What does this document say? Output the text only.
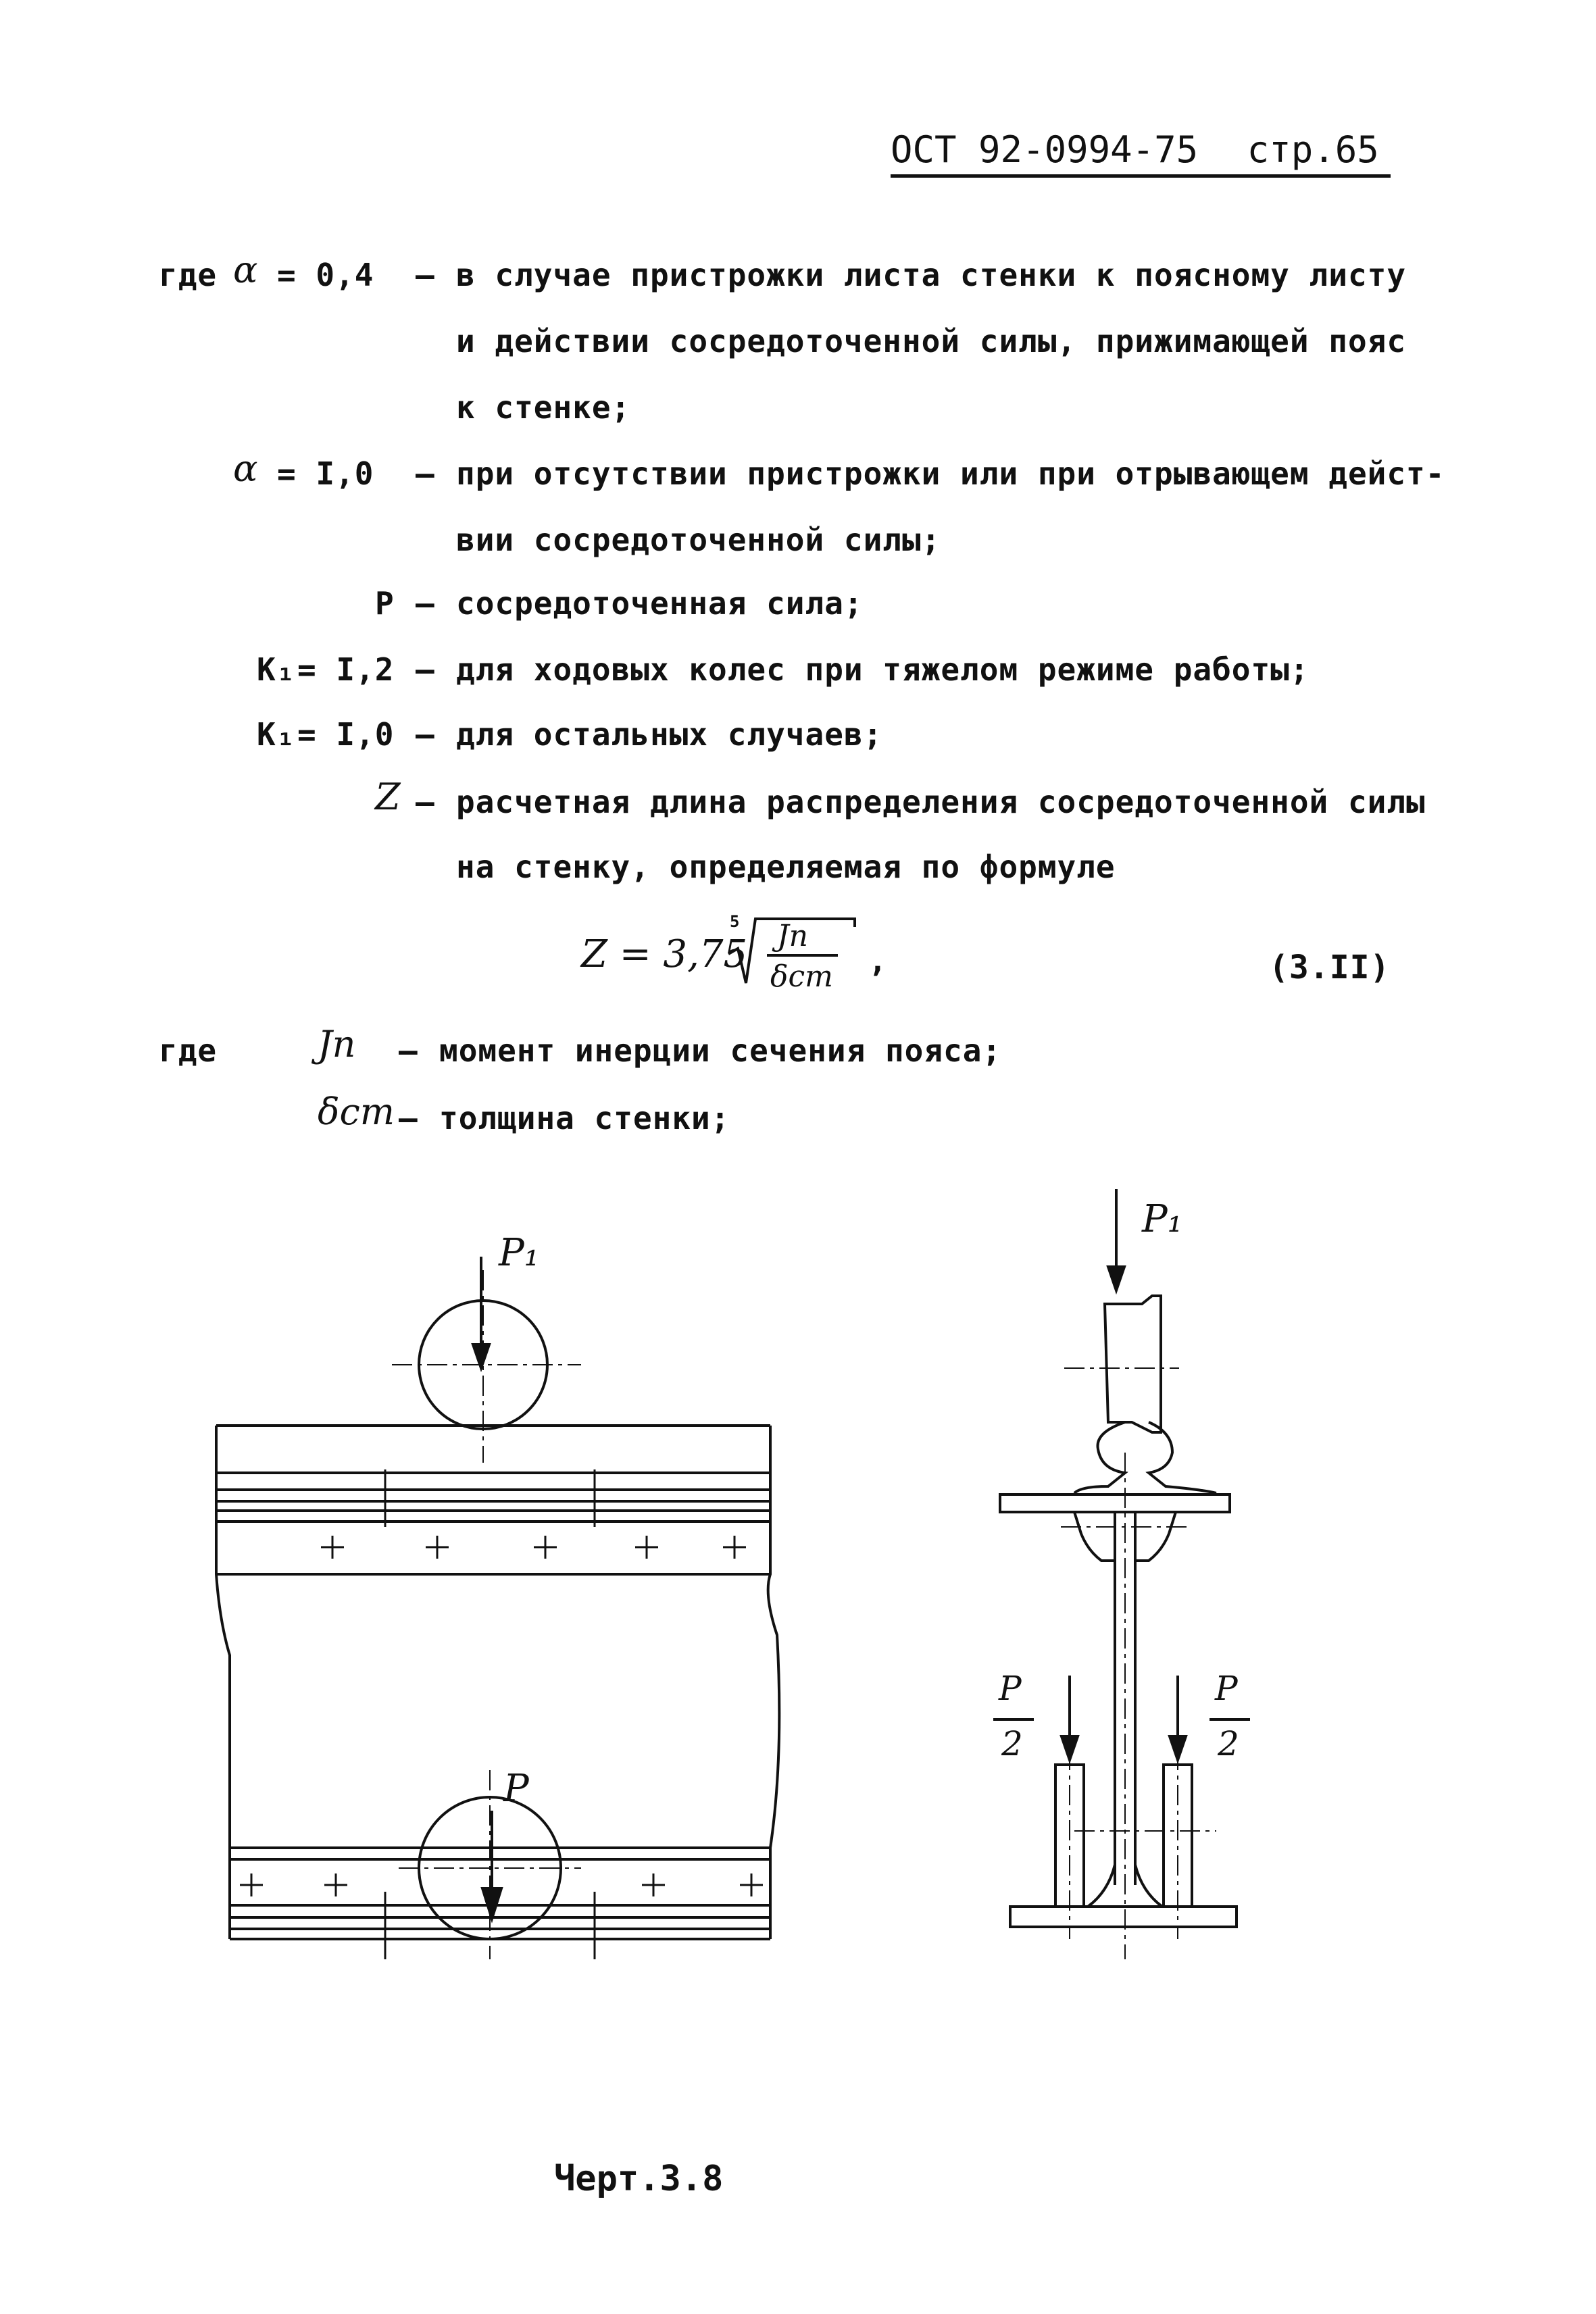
ОСТ 92-0994-75 стр.65
где α = 0,4 – в случае пристрожки листа стенки к поясному листу
и действии сосредоточенной силы, прижимающей пояс
к стенке;
α = I,0 – при отсутствии пристрожки или при отрывающем дейст-
вии сосредоточенной силы;
P – сосредоточенная сила;
K₁ = I,2 – для ходовых колес при тяжелом режиме работы;
K₁ = I,0 – для остальных случаев;
Z – расчетная длина распределения сосредоточенной силы
на стенку, определяемая по формуле
Z = 3,75
5 Jп
δcm ,	(3.II)
где	Jп – момент инерции сечения пояса;
δcm – толщина стенки;
P₁
P
P₁
P
2
P
2
Черт.3.8
